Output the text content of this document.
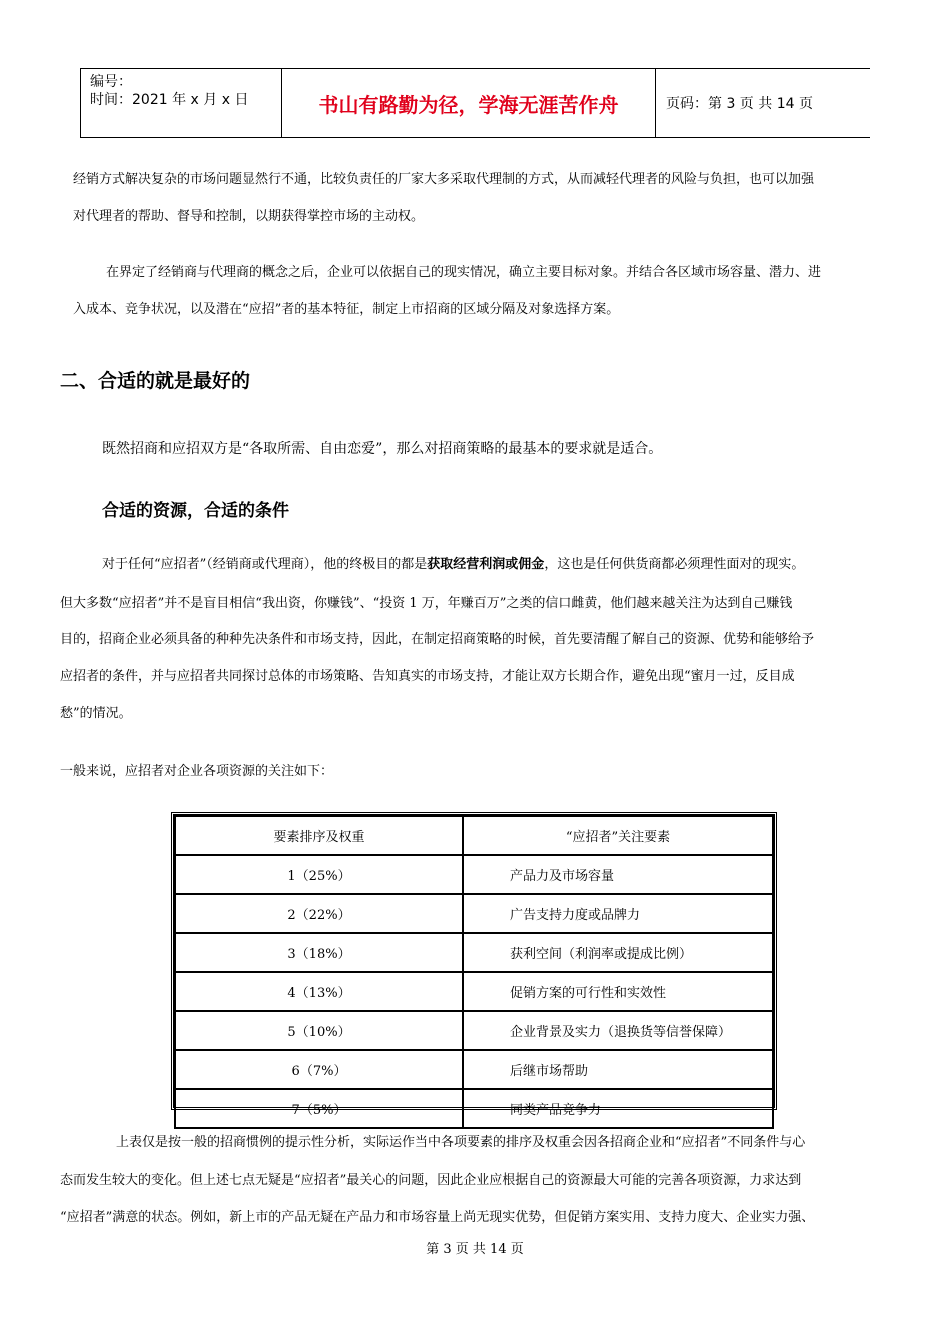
编号：
时间：2021 年 x 月 x 日	书山有路勤为径，学海无涯苦作舟	页码：第 3 页 共 14 页

经销方式解决复杂的市场问题显然行不通，比较负责任的厂家大多采取代理制的方式，从而减轻代理者的风险与负担，也可以加强

对代理者的帮助、督导和控制，以期获得掌控市场的主动权。

在界定了经销商与代理商的概念之后，企业可以依据自己的现实情况，确立主要目标对象。并结合各区域市场容量、潜力、进

入成本、竞争状况，以及潜在“应招”者的基本特征，制定上市招商的区域分隔及对象选择方案。

二、合适的就是最好的

既然招商和应招双方是“各取所需、自由恋爱”，那么对招商策略的最基本的要求就是适合。

合适的资源，合适的条件

对于任何“应招者”（经销商或代理商），他的终极目的都是获取经营利润或佣金，这也是任何供货商都必须理性面对的现实。

但大多数“应招者”并不是盲目相信“我出资，你赚钱”、“投资 1 万，年赚百万”之类的信口雌黄，他们越来越关注为达到自己赚钱

目的，招商企业必须具备的种种先决条件和市场支持，因此，在制定招商策略的时候，首先要清醒了解自己的资源、优势和能够给予

应招者的条件，并与应招者共同探讨总体的市场策略、告知真实的市场支持，才能让双方长期合作，避免出现“蜜月一过，反目成

愁”的情况。

一般来说，应招者对企业各项资源的关注如下：

要素排序及权重	“应招者”关注要素
1（25%）	产品力及市场容量
2（22%）	广告支持力度或品牌力
3（18%）	获利空间（利润率或提成比例）
4（13%）	促销方案的可行性和实效性
5（10%）	企业背景及实力（退换货等信誉保障）
6（7%）	后继市场帮助
7（5%）	同类产品竞争力

上表仅是按一般的招商惯例的提示性分析，实际运作当中各项要素的排序及权重会因各招商企业和“应招者”不同条件与心

态而发生较大的变化。但上述七点无疑是“应招者”最关心的问题，因此企业应根据自己的资源最大可能的完善各项资源，力求达到

“应招者”满意的状态。例如，新上市的产品无疑在产品力和市场容量上尚无现实优势，但促销方案实用、支持力度大、企业实力强、

第 3 页 共 14 页
